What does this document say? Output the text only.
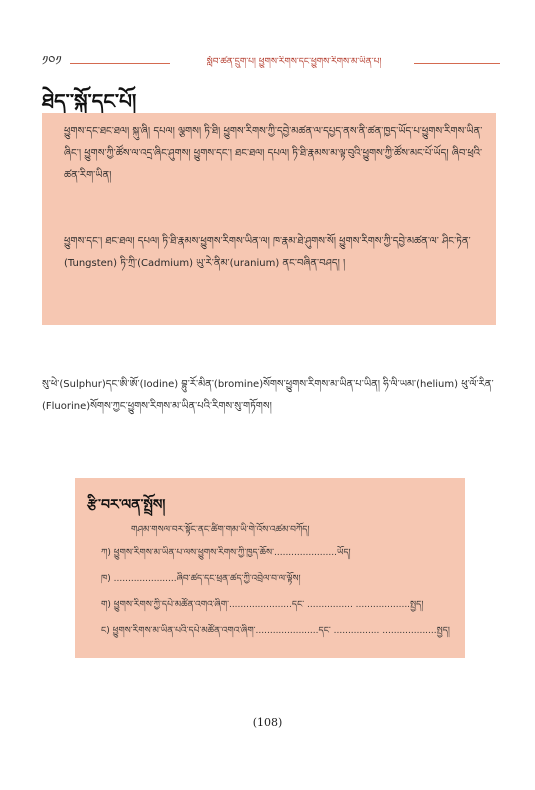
༡༠༡	སློབ་ཚན་དྲུག་པ། ཕྱུགས་རིགས་དང་ཕྱུགས་རིགས་མ་ཡིན་པ།
ཐེད་་སྐོ་དང་པོ།
ཕྱུགས་དང་ཐང་ཐལ། སྐུ་ཞི། དཔལ། ལྕགས། ཏི་ཐི། ཕྱུགས་རིགས་ཀྱི་དབྱེ་མཚན་ལ་དཔྱད་ནས་ནི་ཚན་ཁྱད་ཡོད་པ་ཕྱུགས་རིགས་ཡིན་ཞིང་། ཕྱུགས་ཀྱི་ཚོས་ལ་འདྲ་ཞིང་ཤུགས། ཕྱུགས་དང་། ཐང་ཐལ། དཔལ། ཏི་ཐི་རྣམས་མ་ལྟ་བུའི་ཕྱུགས་ཀྱི་ཚོས་མང་པོ་ཡོད། ཞིབ་ཕྲའི་ཚན་རིག་ཡིན།
ཕྱུགས་དང་། ཐང་ཐལ། དཔལ། ཏི་ཐི་རྣམས་ཕྱུགས་རིགས་ཡིན་ལ། ཁ་རྣམ་ཐེ་ཤུགས་སོ། ཕྱུགས་རིགས་ཀྱི་དབྱེ་མཚན་ལ་ ཤིང་ཏེན་(Tungsten) ཏི་ཀྲི་(Cadmium) ཡུ་རེ་ནིམ་(uranium) ནང་བཞིན་བཤད། །
སུ་ཕེ་(Sulphur)དང་ཨི་ཨོ་(Iodine) བྷུ་རོ་མིན་(bromine)སོགས་ཕྱུགས་རིགས་མ་ཡིན་པ་ཡིན། ཧི་ལི་ཡམ་(helium) ཕུ་ལོ་རིན་(Fluorine)སོགས་ཀྱང་ཕྱུགས་རིགས་མ་ཡིན་པའི་རིགས་སུ་གཏོགས།
རྩི་བར་ལན་སྤྲོས།
གཤམ་གསལ་བར་སྟོང་ནང་ཚིག་གམ་ཡི་གེ་འོས་འཚམ་བཀོད།
ཀ) ཕྱུགས་རིགས་མ་ཡིན་པ་ལས་ཕྱུགས་རིགས་ཀྱི་ཁྱད་ཆོས་......................ཡོད།
ཁ) ......................ཞིབ་ཚད་དང་ཕྲན་ཚད་ཀྱི་འབྲེལ་བ་ལ་ལྟོས།
ག) ཕྱུགས་རིགས་ཀྱི་དཔེ་མཚོན་འགའ་ཞིག་......................དང་ ................ ...................སྤྱད།
ང) ཕྱུགས་རིགས་མ་ཡིན་པའི་དཔེ་མཚོན་འགའ་ཞིག་......................དང་ ................ ...................སྤྱད།
(108)
